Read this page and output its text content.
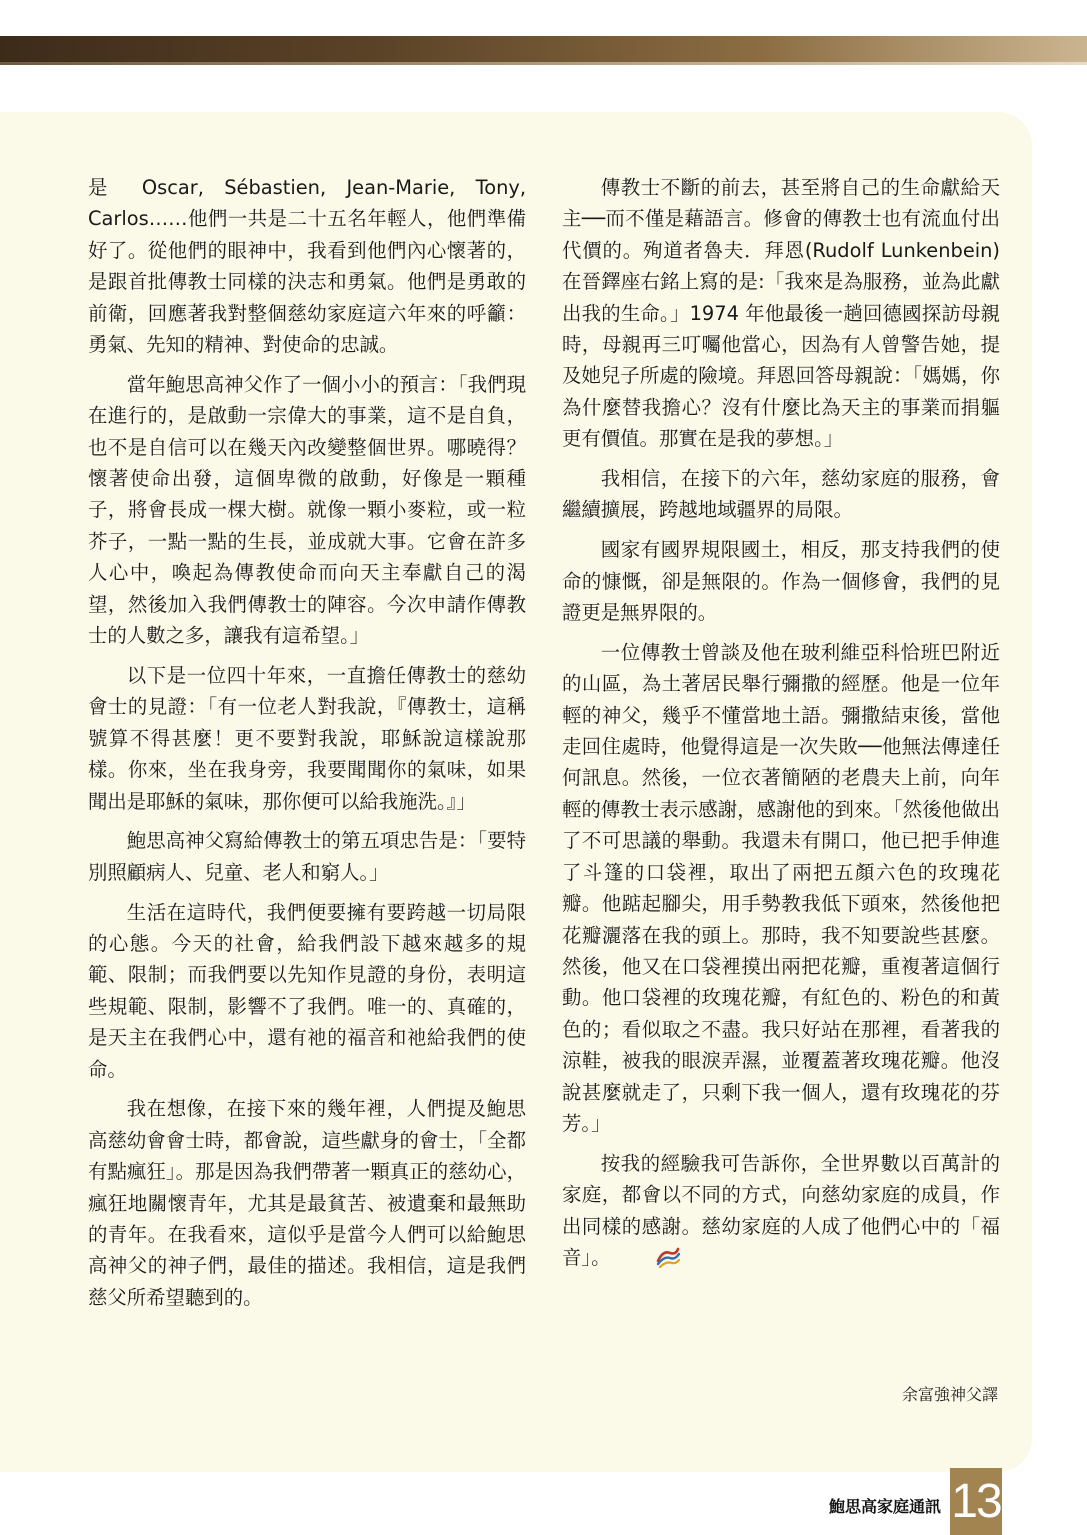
是 Oscar, Sébastien, Jean-Marie, Tony, Carlos……他們一共是二十五名年輕人，他們準備好了。從他們的眼神中，我看到他們內心懷著的，是跟首批傳教士同樣的決志和勇氣。他們是勇敢的前衛，回應著我對整個慈幼家庭這六年來的呼籲：勇氣、先知的精神、對使命的忠誠。

當年鮑思高神父作了一個小小的預言：「我們現在進行的，是啟動一宗偉大的事業，這不是自負，也不是自信可以在幾天內改變整個世界。哪曉得？ 懷著使命出發，這個卑微的啟動，好像是一顆種子，將會長成一棵大樹。就像一顆小麥粒，或一粒芥子，一點一點的生長，並成就大事。它會在許多人心中，喚起為傳教使命而向天主奉獻自己的渴望，然後加入我們傳教士的陣容。今次申請作傳教士的人數之多，讓我有這希望。」

以下是一位四十年來，一直擔任傳教士的慈幼會士的見證：「有一位老人對我說，『傳教士，這稱號算不得甚麼！更不要對我說，耶穌說這樣說那樣。你來，坐在我身旁，我要聞聞你的氣味，如果聞出是耶穌的氣味，那你便可以給我施洗。』」

鮑思高神父寫給傳教士的第五項忠告是：「要特別照顧病人、兒童、老人和窮人。」

生活在這時代，我們便要擁有要跨越一切局限的心態。今天的社會，給我們設下越來越多的規範、限制；而我們要以先知作見證的身份，表明這些規範、限制，影響不了我們。唯一的、真確的，是天主在我們心中，還有祂的福音和祂給我們的使命。

我在想像，在接下來的幾年裡，人們提及鮑思高慈幼會會士時，都會說，這些獻身的會士，「全都有點瘋狂」。那是因為我們帶著一顆真正的慈幼心，瘋狂地關懷青年，尤其是最貧苦、被遺棄和最無助的青年。在我看來，這似乎是當今人們可以給鮑思高神父的神子們，最佳的描述。我相信，這是我們慈父所希望聽到的。

傳教士不斷的前去，甚至將自己的生命獻給天主──而不僅是藉語言。修會的傳教士也有流血付出代價的。殉道者魯夫．拜恩(Rudolf Lunkenbein) 在晉鐸座右銘上寫的是:「我來是為服務，並為此獻出我的生命。」1974 年他最後一趟回德國探訪母親時，母親再三叮囑他當心，因為有人曾警告她，提及她兒子所處的險境。拜恩回答母親說：「媽媽，你為什麼替我擔心？沒有什麼比為天主的事業而捐軀更有價值。那實在是我的夢想。」

我相信，在接下的六年，慈幼家庭的服務，會繼續擴展，跨越地域疆界的局限。

國家有國界規限國土，相反，那支持我們的使命的慷慨，卻是無限的。作為一個修會，我們的見證更是無界限的。

一位傳教士曾談及他在玻利維亞科恰班巴附近的山區，為土著居民舉行彌撒的經歷。他是一位年輕的神父，幾乎不懂當地土語。彌撒結束後，當他走回住處時，他覺得這是一次失敗──他無法傳達任何訊息。然後，一位衣著簡陋的老農夫上前，向年輕的傳教士表示感謝，感謝他的到來。「然後他做出了不可思議的舉動。我還未有開口，他已把手伸進了斗篷的口袋裡，取出了兩把五顏六色的玫瑰花瓣。他踮起腳尖，用手勢教我低下頭來，然後他把花瓣灑落在我的頭上。那時，我不知要說些甚麼。然後，他又在口袋裡摸出兩把花瓣，重複著這個行動。他口袋裡的玫瑰花瓣，有紅色的、粉色的和黃色的；看似取之不盡。我只好站在那裡，看著我的涼鞋，被我的眼淚弄濕，並覆蓋著玫瑰花瓣。他沒說甚麼就走了，只剩下我一個人，還有玫瑰花的芬芳。」

按我的經驗我可告訴你，全世界數以百萬計的家庭，都會以不同的方式，向慈幼家庭的成員，作出同樣的感謝。慈幼家庭的人成了他們心中的「福音」。

余富強神父譯
鮑思高家庭通訊 13
